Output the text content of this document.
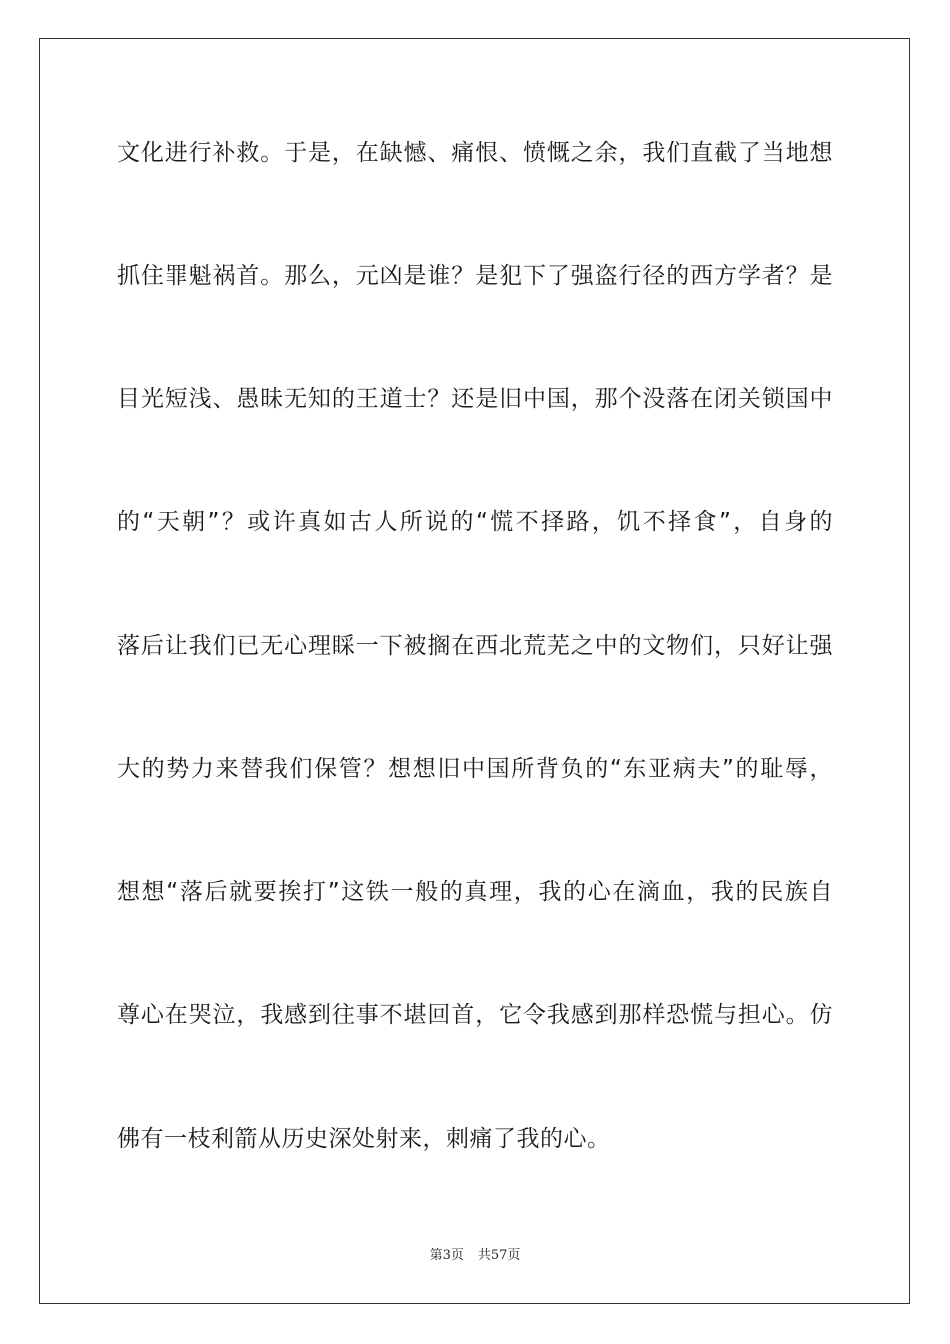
文化进行补救。于是，在缺憾、痛恨、愤慨之余，我们直截了当地想
抓住罪魁祸首。那么，元凶是谁？是犯下了强盗行径的西方学者？是
目光短浅、愚昧无知的王道士？还是旧中国，那个没落在闭关锁国中
的“天朝”？或许真如古人所说的“慌不择路，饥不择食”，自身的
落后让我们已无心理睬一下被搁在西北荒芜之中的文物们，只好让强
大的势力来替我们保管？想想旧中国所背负的“东亚病夫”的耻辱，
想想“落后就要挨打”这铁一般的真理，我的心在滴血，我的民族自
尊心在哭泣，我感到往事不堪回首，它令我感到那样恐慌与担心。仿
佛有一枝利箭从历史深处射来，刺痛了我的心。
第3页 共57页
